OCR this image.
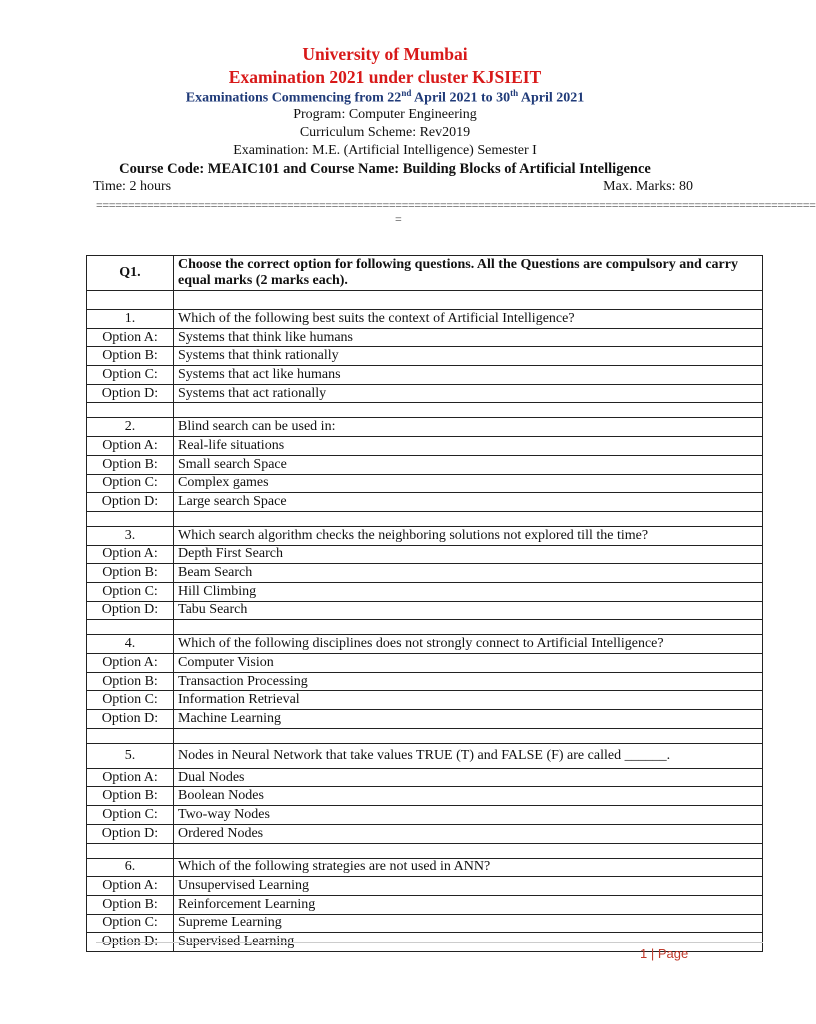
University of Mumbai
Examination 2021 under cluster KJSIEIT
Examinations Commencing from 22nd April 2021 to 30th April 2021
Program: Computer Engineering
Curriculum Scheme: Rev2019
Examination: M.E. (Artificial Intelligence) Semester I
Course Code: MEAIC101 and Course Name: Building Blocks of Artificial Intelligence
Time: 2 hours	Max. Marks: 80
=================================================================================================================
=
Q1.	Choose the correct option for following questions. All the Questions are compulsory and carry equal marks (2 marks each).

1.	Which of the following best suits the context of Artificial Intelligence?
Option A:	Systems that think like humans
Option B:	Systems that think rationally
Option C:	Systems that act like humans
Option D:	Systems that act rationally

2.	Blind search can be used in:
Option A:	Real-life situations
Option B:	Small search Space
Option C:	Complex games
Option D:	Large search Space

3.	Which search algorithm checks the neighboring solutions not explored till the time?
Option A:	Depth First Search
Option B:	Beam Search
Option C:	Hill Climbing
Option D:	Tabu Search

4.	Which of the following disciplines does not strongly connect to Artificial Intelligence?
Option A:	Computer Vision
Option B:	Transaction Processing
Option C:	Information Retrieval
Option D:	Machine Learning

5.	Nodes in Neural Network that take values TRUE (T) and FALSE (F) are called ______.
Option A:	Dual Nodes
Option B:	Boolean Nodes
Option C:	Two-way Nodes
Option D:	Ordered Nodes

6.	Which of the following strategies are not used in ANN?
Option A:	Unsupervised Learning
Option B:	Reinforcement Learning
Option C:	Supreme Learning
Option D:	Supervised Learning
1 | Page
